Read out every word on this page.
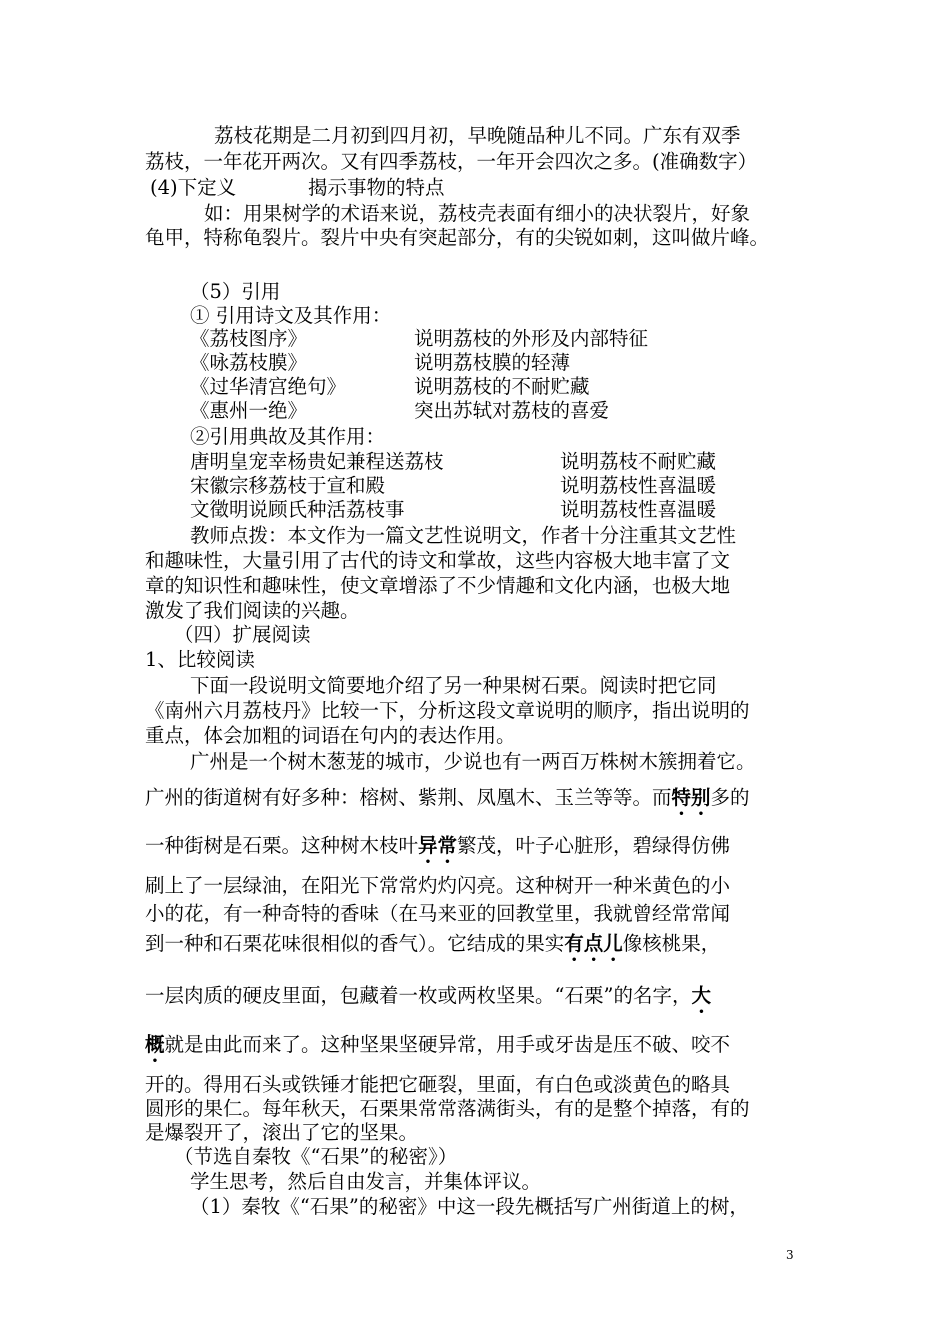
荔枝花期是二月初到四月初，早晚随品种儿不同。广东有双季
荔枝，一年花开两次。又有四季荔枝，一年开会四次之多。(准确数字）
(4)下定义	揭示事物的特点
如：用果树学的术语来说，荔枝壳表面有细小的决状裂片，好象
龟甲，特称龟裂片。裂片中央有突起部分，有的尖锐如刺，这叫做片峰。
（5）引用
① 引用诗文及其作用：
《荔枝图序》	说明荔枝的外形及内部特征
《咏荔枝膜》	说明荔枝膜的轻薄
《过华清宫绝句》	说明荔枝的不耐贮藏
《惠州一绝》	突出苏轼对荔枝的喜爱
②引用典故及其作用：
唐明皇宠幸杨贵妃兼程送荔枝	说明荔枝不耐贮藏
宋徽宗移荔枝于宣和殿	说明荔枝性喜温暖
文徵明说顾氏种活荔枝事	说明荔枝性喜温暖
教师点拨：本文作为一篇文艺性说明文，作者十分注重其文艺性
和趣味性，大量引用了古代的诗文和掌故，这些内容极大地丰富了文
章的知识性和趣味性，使文章增添了不少情趣和文化内涵，也极大地
激发了我们阅读的兴趣。
（四）扩展阅读
1、比较阅读
下面一段说明文简要地介绍了另一种果树石栗。阅读时把它同
《南州六月荔枝丹》比较一下，分析这段文章说明的顺序，指出说明的
重点，体会加粗的词语在句内的表达作用。
广州是一个树木葱茏的城市，少说也有一两百万株树木簇拥着它。
广州的街道树有好多种：榕树、紫荆、凤凰木、玉兰等等。而特别多的
一种街树是石栗。这种树木枝叶异常繁茂，叶子心脏形，碧绿得仿佛
刷上了一层绿油，在阳光下常常灼灼闪亮。这种树开一种米黄色的小
小的花，有一种奇特的香味（在马来亚的回教堂里，我就曾经常常闻
到一种和石栗花味很相似的香气）。它结成的果实有点儿像核桃果，
一层肉质的硬皮里面，包藏着一枚或两枚坚果。“石栗”的名字，大
概就是由此而来了。这种坚果坚硬异常，用手或牙齿是压不破、咬不
开的。得用石头或铁锤才能把它砸裂，里面，有白色或淡黄色的略具
圆形的果仁。每年秋天，石栗果常常落满街头，有的是整个掉落，有的
是爆裂开了，滚出了它的坚果。
（节选自秦牧《“石果”的秘密》）
学生思考，然后自由发言，并集体评议。
（1）秦牧《“石果”的秘密》中这一段先概括写广州街道上的树，
3
